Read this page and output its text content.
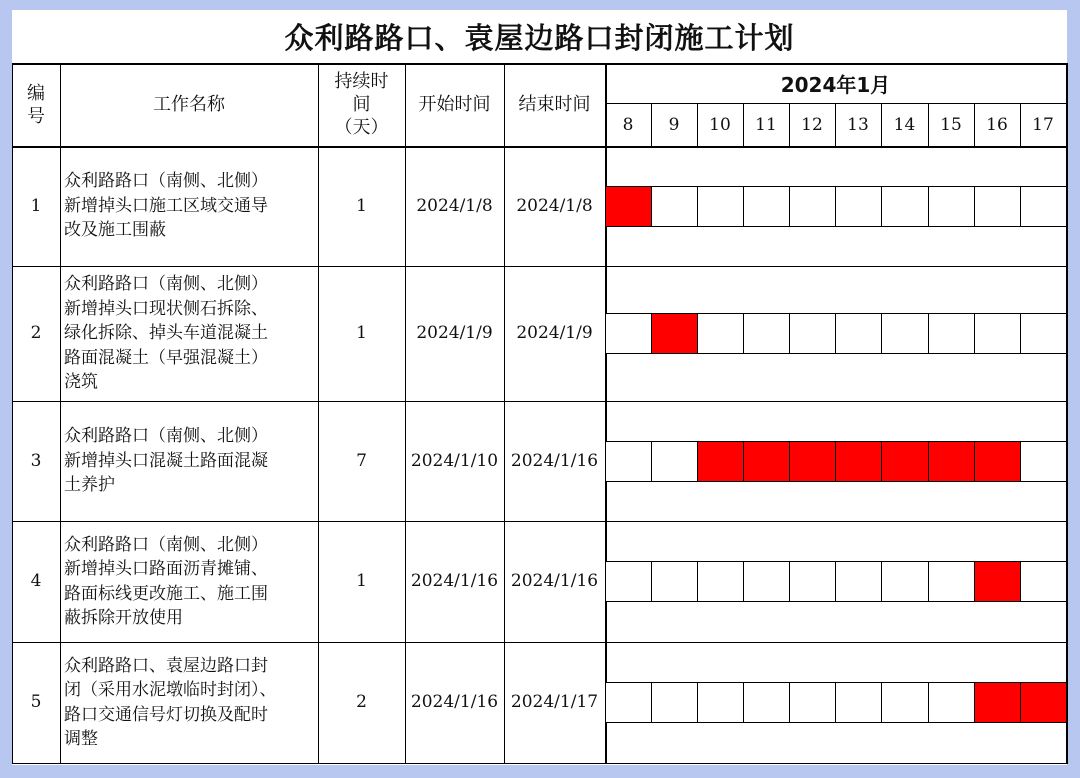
众利路路口、袁屋边路口封闭施工计划
编
号
工作名称
持续时
间
（天）
开始时间	结束时间
2024年1月
8	9	10	11	12	13	14	15	16	17
1
众利路路口（南侧、北侧）
新增掉头口施工区域交通导
改及施工围蔽
1	2024/1/8	2024/1/8
2
众利路路口（南侧、北侧）
新增掉头口现状侧石拆除、
绿化拆除、掉头车道混凝土
路面混凝土（早强混凝土）
浇筑
1	2024/1/9	2024/1/9
3
众利路路口（南侧、北侧）
新增掉头口混凝土路面混凝
土养护
7	2024/1/10 2024/1/16
4
众利路路口（南侧、北侧）
新增掉头口路面沥青摊铺、
路面标线更改施工、施工围
蔽拆除开放使用
1	2024/1/16 2024/1/16
5
众利路路口、袁屋边路口封
闭（采用水泥墩临时封闭）、
路口交通信号灯切换及配时
调整
2	2024/1/16 2024/1/17
